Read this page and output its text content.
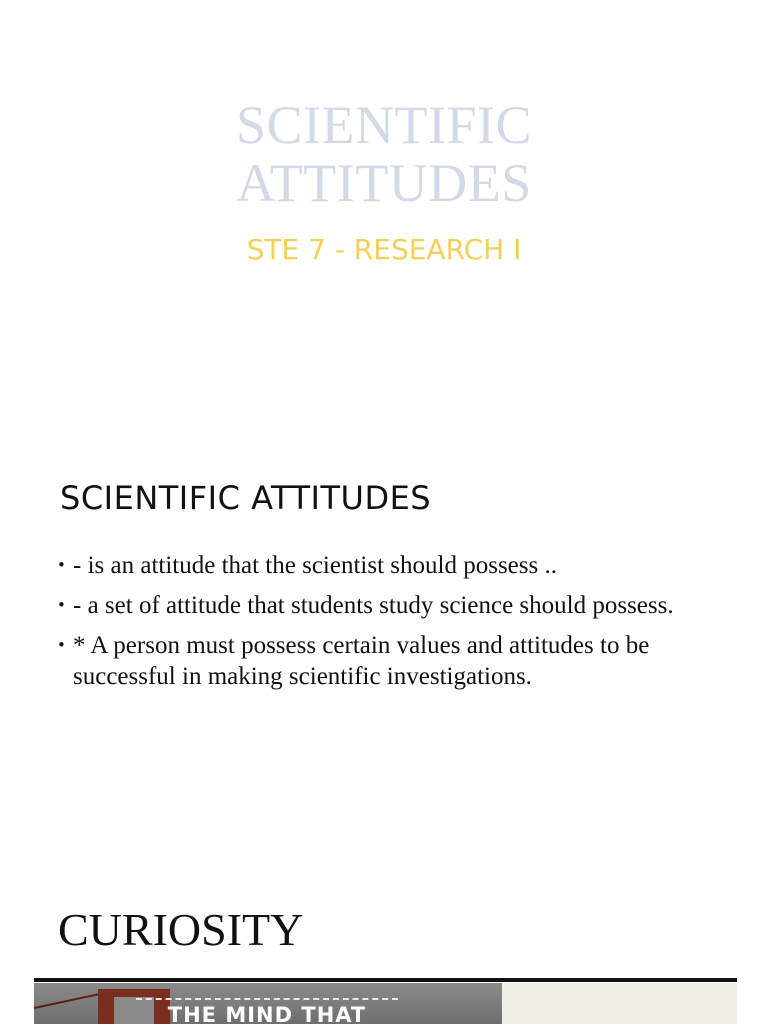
SCIENTIFIC
ATTITUDES
STE 7 - RESEARCH I
SCIENTIFIC ATTITUDES
• - is an attitude that the scientist should possess ..
• - a set of attitude that students study science should possess.
• * A person must possess certain values and attitudes to be successful in making scientific investigations.
CURIOSITY
THE MIND THAT
